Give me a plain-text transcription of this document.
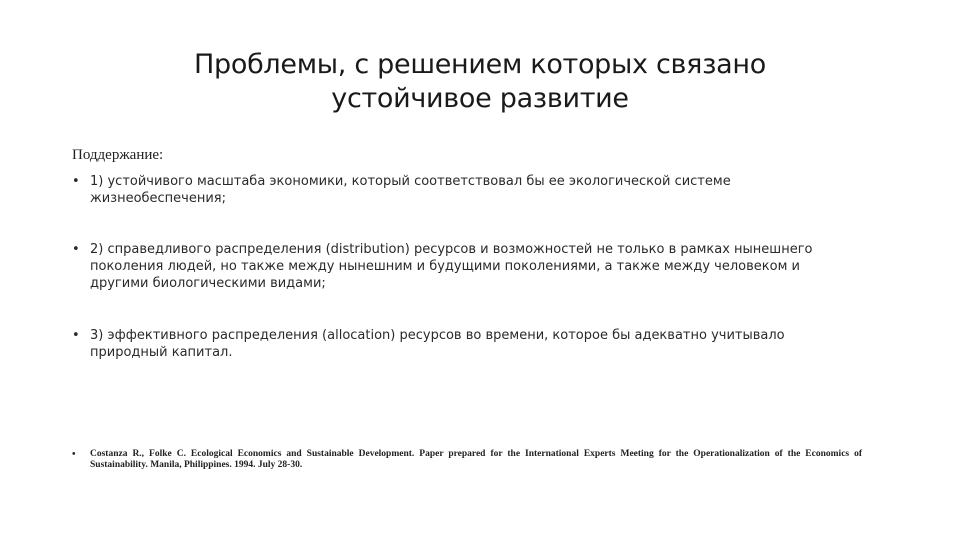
Проблемы, с решением которых связано устойчивое развитие
Поддержание:
• 1) устойчивого масштаба экономики, который соответствовал бы ее экологической системе жизнеобеспечения;
• 2) справедливого распределения (distribution) ресурсов и возможностей не только в рамках нынешнего поколения людей, но также между нынешним и будущими поколениями, а также между человеком и другими биологическими видами;
• 3) эффективного распределения (allocation) ресурсов во времени, которое бы адекватно учитывало природный капитал.
• Costanza R., Folke C. Ecological Economics and Sustainable Development. Paper prepared for the International Experts Meeting for the Operationalization of the Economics of Sustainability. Manila, Philippines. 1994. July 28-30.
